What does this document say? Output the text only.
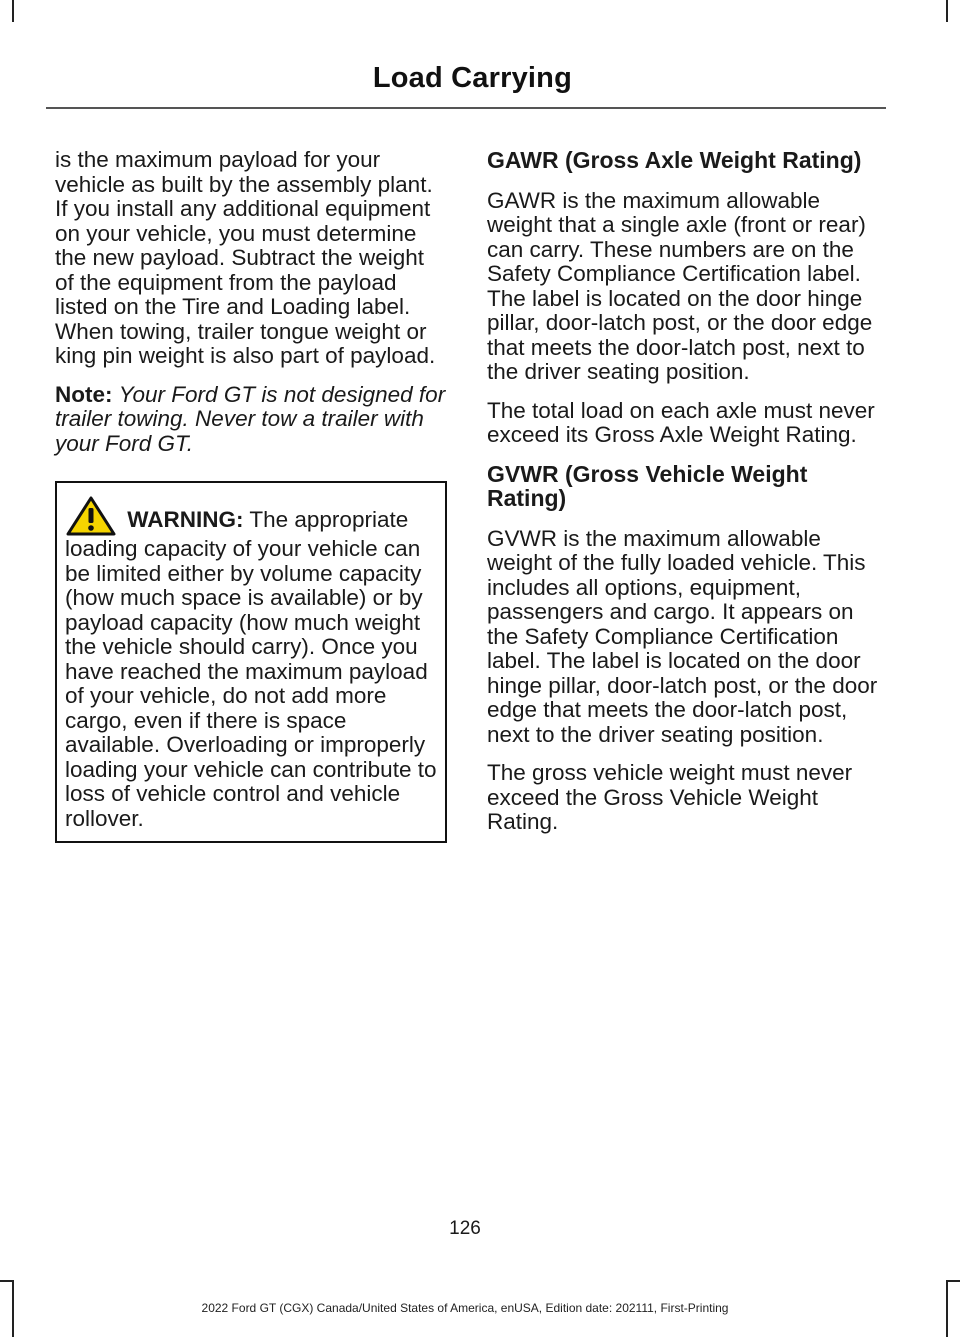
Load Carrying

is the maximum payload for your vehicle as built by the assembly plant. If you install any additional equipment on your vehicle, you must determine the new payload. Subtract the weight of the equipment from the payload listed on the Tire and Loading label. When towing, trailer tongue weight or king pin weight is also part of payload.

Note: Your Ford GT is not designed for trailer towing. Never tow a trailer with your Ford GT.

WARNING: The appropriate loading capacity of your vehicle can be limited either by volume capacity (how much space is available) or by payload capacity (how much weight the vehicle should carry). Once you have reached the maximum payload of your vehicle, do not add more cargo, even if there is space available. Overloading or improperly loading your vehicle can contribute to loss of vehicle control and vehicle rollover.
GAWR (Gross Axle Weight Rating)

GAWR is the maximum allowable weight that a single axle (front or rear) can carry. These numbers are on the Safety Compliance Certification label. The label is located on the door hinge pillar, door-latch post, or the door edge that meets the door-latch post, next to the driver seating position.

The total load on each axle must never exceed its Gross Axle Weight Rating.

GVWR (Gross Vehicle Weight Rating)

GVWR is the maximum allowable weight of the fully loaded vehicle. This includes all options, equipment, passengers and cargo. It appears on the Safety Compliance Certification label. The label is located on the door hinge pillar, door-latch post, or the door edge that meets the door-latch post, next to the driver seating position.

The gross vehicle weight must never exceed the Gross Vehicle Weight Rating.

126
2022 Ford GT (CGX) Canada/United States of America, enUSA, Edition date: 202111, First-Printing
